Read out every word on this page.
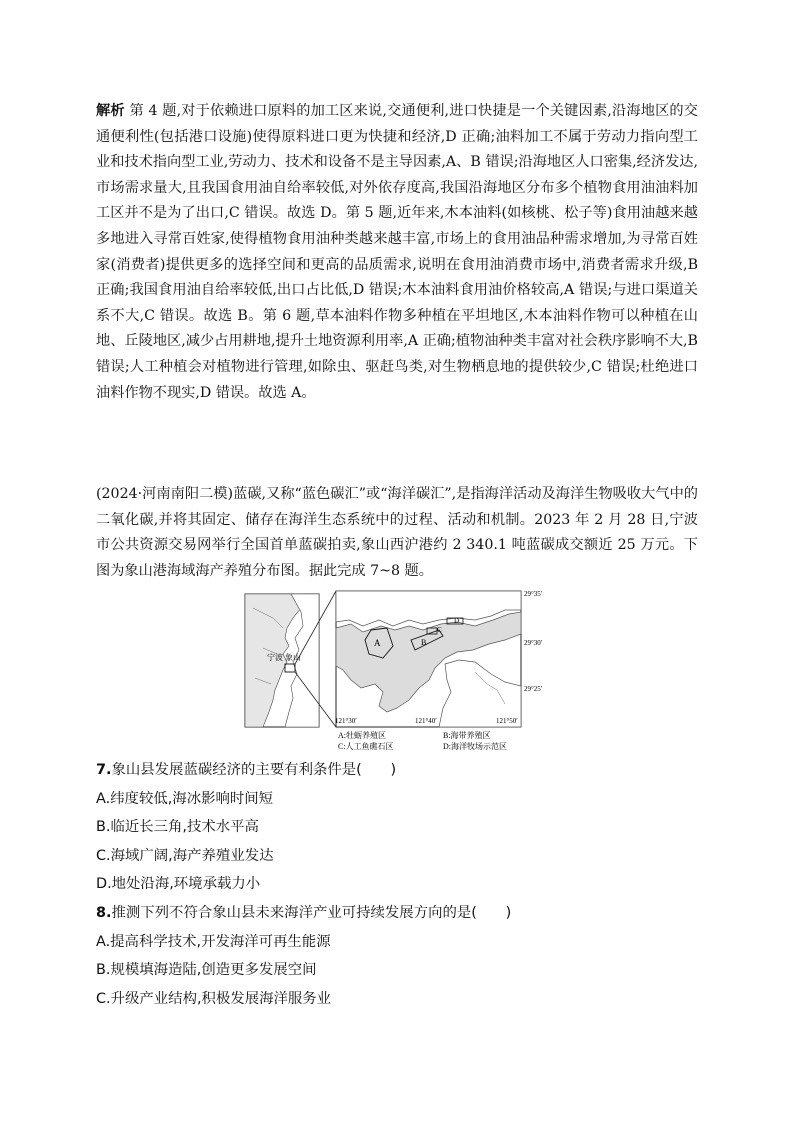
解析 第 4 题,对于依赖进口原料的加工区来说,交通便利,进口快捷是一个关键因素,沿海地区的交通便利性(包括港口设施)使得原料进口更为快捷和经济,D 正确;油料加工不属于劳动力指向型工业和技术指向型工业,劳动力、技术和设备不是主导因素,A、B 错误;沿海地区人口密集,经济发达,市场需求量大,且我国食用油自给率较低,对外依存度高,我国沿海地区分布多个植物食用油油料加工区并不是为了出口,C 错误。故选 D。第 5 题,近年来,木本油料(如核桃、松子等)食用油越来越多地进入寻常百姓家,使得植物食用油种类越来越丰富,市场上的食用油品种需求增加,为寻常百姓家(消费者)提供更多的选择空间和更高的品质需求,说明在食用油消费市场中,消费者需求升级,B 正确;我国食用油自给率较低,出口占比低,D 错误;木本油料食用油价格较高,A 错误;与进口渠道关系不大,C 错误。故选 B。第 6 题,草本油料作物多种植在平坦地区,木本油料作物可以种植在山地、丘陵地区,减少占用耕地,提升土地资源利用率,A 正确;植物油种类丰富对社会秩序影响不大,B 错误;人工种植会对植物进行管理,如除虫、驱赶鸟类,对生物栖息地的提供较少,C 错误;杜绝进口油料作物不现实,D 错误。故选 A。

(2024·河南南阳二模)蓝碳,又称“蓝色碳汇”或“海洋碳汇”,是指海洋活动及海洋生物吸收大气中的二氧化碳,并将其固定、储存在海洋生态系统中的过程、活动和机制。2023 年 2 月 28 日,宁波市公共资源交易网举行全国首单蓝碳拍卖,象山西沪港约 2 340.1 吨蓝碳成交额近 25 万元。下图为象山港海域海产养殖分布图。据此完成 7~8 题。

宁波 象山
A	B
C
D
29°35′
29°30′
29°25′
121°30′	121°40′	121°50′
A:牡蛎养殖区	B:海带养殖区
C:人工鱼礁石区	D:海洋牧场示范区

7.象山县发展蓝碳经济的主要有利条件是(　　)

A.纬度较低,海冰影响时间短

B.临近长三角,技术水平高

C.海域广阔,海产养殖业发达

D.地处沿海,环境承载力小

8.推测下列不符合象山县未来海洋产业可持续发展方向的是(　　)

A.提高科学技术,开发海洋可再生能源

B.规模填海造陆,创造更多发展空间

C.升级产业结构,积极发展海洋服务业
